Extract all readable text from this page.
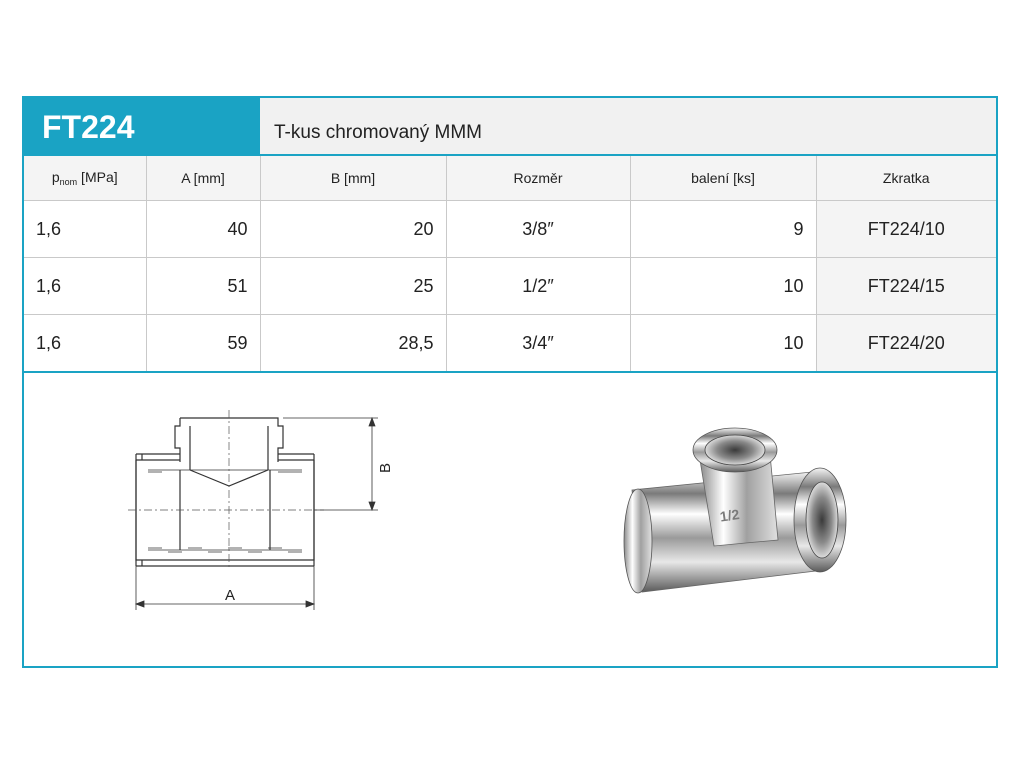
FT224	T-kus chromovaný MMM
$p_{nom}$ [MPa]	A [mm]	B [mm]	Rozměr	balení [ks]	Zkratka
1,6	40	20	3/8″	9	FT224/10
1,6	51	25	1/2″	10	FT224/15
1,6	59	28,5	3/4″	10	FT224/20
A
B
1/2
